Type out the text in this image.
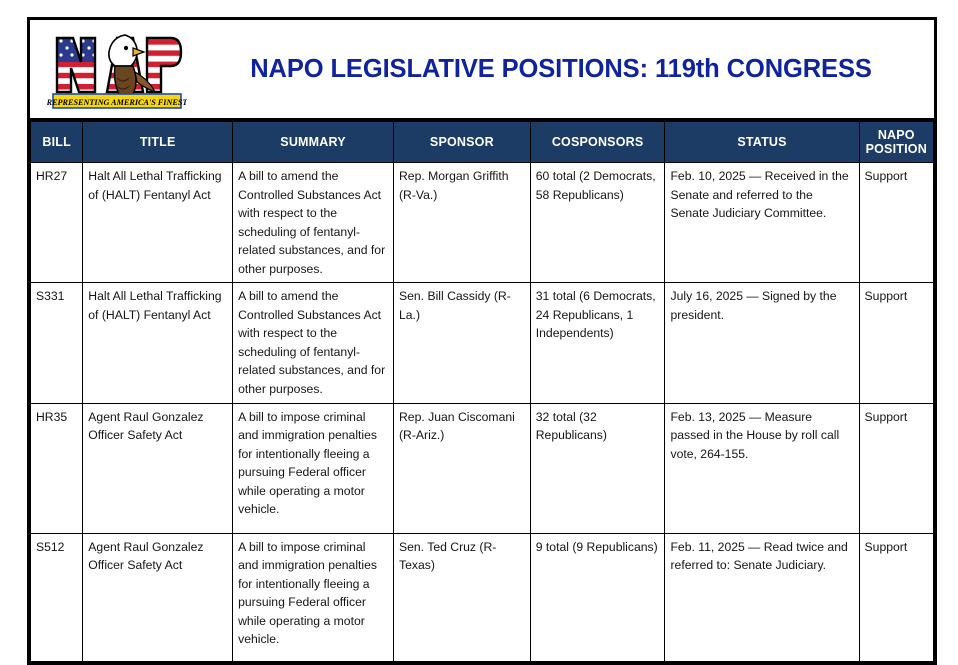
REPRESENTING AMERICA'S FINEST
NAPO LEGISLATIVE POSITIONS: 119th CONGRESS
BILL	TITLE	SUMMARY	SPONSOR	COSPONSORS	STATUS	NAPO POSITION
HR27	Halt All Lethal Trafficking of (HALT) Fentanyl Act	A bill to amend the Controlled Substances Act with respect to the scheduling of fentanyl-related substances, and for other purposes.	Rep. Morgan Griffith (R-Va.)	60 total (2 Democrats, 58 Republicans)	Feb. 10, 2025 — Received in the Senate and referred to the Senate Judiciary Committee.	Support
S331	Halt All Lethal Trafficking of (HALT) Fentanyl Act	A bill to amend the Controlled Substances Act with respect to the scheduling of fentanyl-related substances, and for other purposes.	Sen. Bill Cassidy (R-La.)	31 total (6 Democrats, 24 Republicans, 1 Independents)	July 16, 2025 — Signed by the president.	Support
HR35	Agent Raul Gonzalez Officer Safety Act	A bill to impose criminal and immigration penalties for intentionally fleeing a pursuing Federal officer while operating a motor vehicle.	Rep. Juan Ciscomani (R-Ariz.)	32 total (32 Republicans)	Feb. 13, 2025 — Measure passed in the House by roll call vote, 264-155.	Support
S512	Agent Raul Gonzalez Officer Safety Act	A bill to impose criminal and immigration penalties for intentionally fleeing a pursuing Federal officer while operating a motor vehicle.	Sen. Ted Cruz (R-Texas)	9 total (9 Republicans)	Feb. 11, 2025 — Read twice and referred to: Senate Judiciary.	Support
